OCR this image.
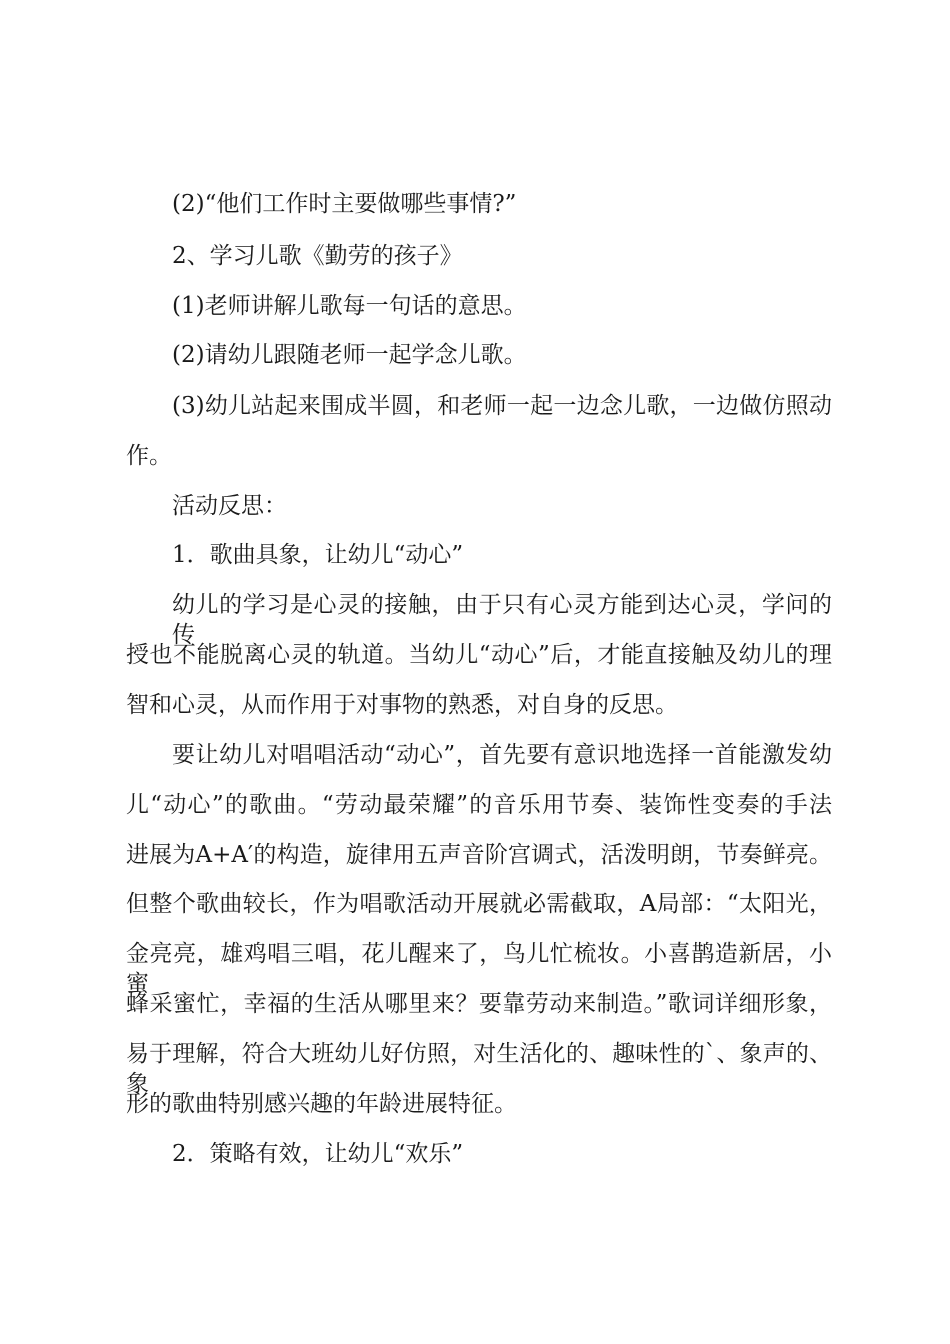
(2)“他们工作时主要做哪些事情?”
2、学习儿歌《勤劳的孩子》
(1)老师讲解儿歌每一句话的意思。
(2)请幼儿跟随老师一起学念儿歌。
(3)幼儿站起来围成半圆，和老师一起一边念儿歌，一边做仿照动
作。
活动反思：
1．歌曲具象，让幼儿“动心”
幼儿的学习是心灵的接触，由于只有心灵方能到达心灵，学问的传
授也不能脱离心灵的轨道。当幼儿“动心”后，才能直接触及幼儿的理
智和心灵，从而作用于对事物的熟悉，对自身的反思。
要让幼儿对唱唱活动“动心”，首先要有意识地选择一首能激发幼
儿“动心”的歌曲。“劳动最荣耀”的音乐用节奏、装饰性变奏的手法
进展为A+A′的构造，旋律用五声音阶宫调式，活泼明朗，节奏鲜亮。
但整个歌曲较长，作为唱歌活动开展就必需截取，A局部：“太阳光，
金亮亮，雄鸡唱三唱，花儿醒来了，鸟儿忙梳妆。小喜鹊造新居，小蜜
蜂采蜜忙，幸福的生活从哪里来？要靠劳动来制造。”歌词详细形象，
易于理解，符合大班幼儿好仿照，对生活化的、趣味性的`、象声的、象
形的歌曲特别感兴趣的年龄进展特征。
2．策略有效，让幼儿“欢乐”
